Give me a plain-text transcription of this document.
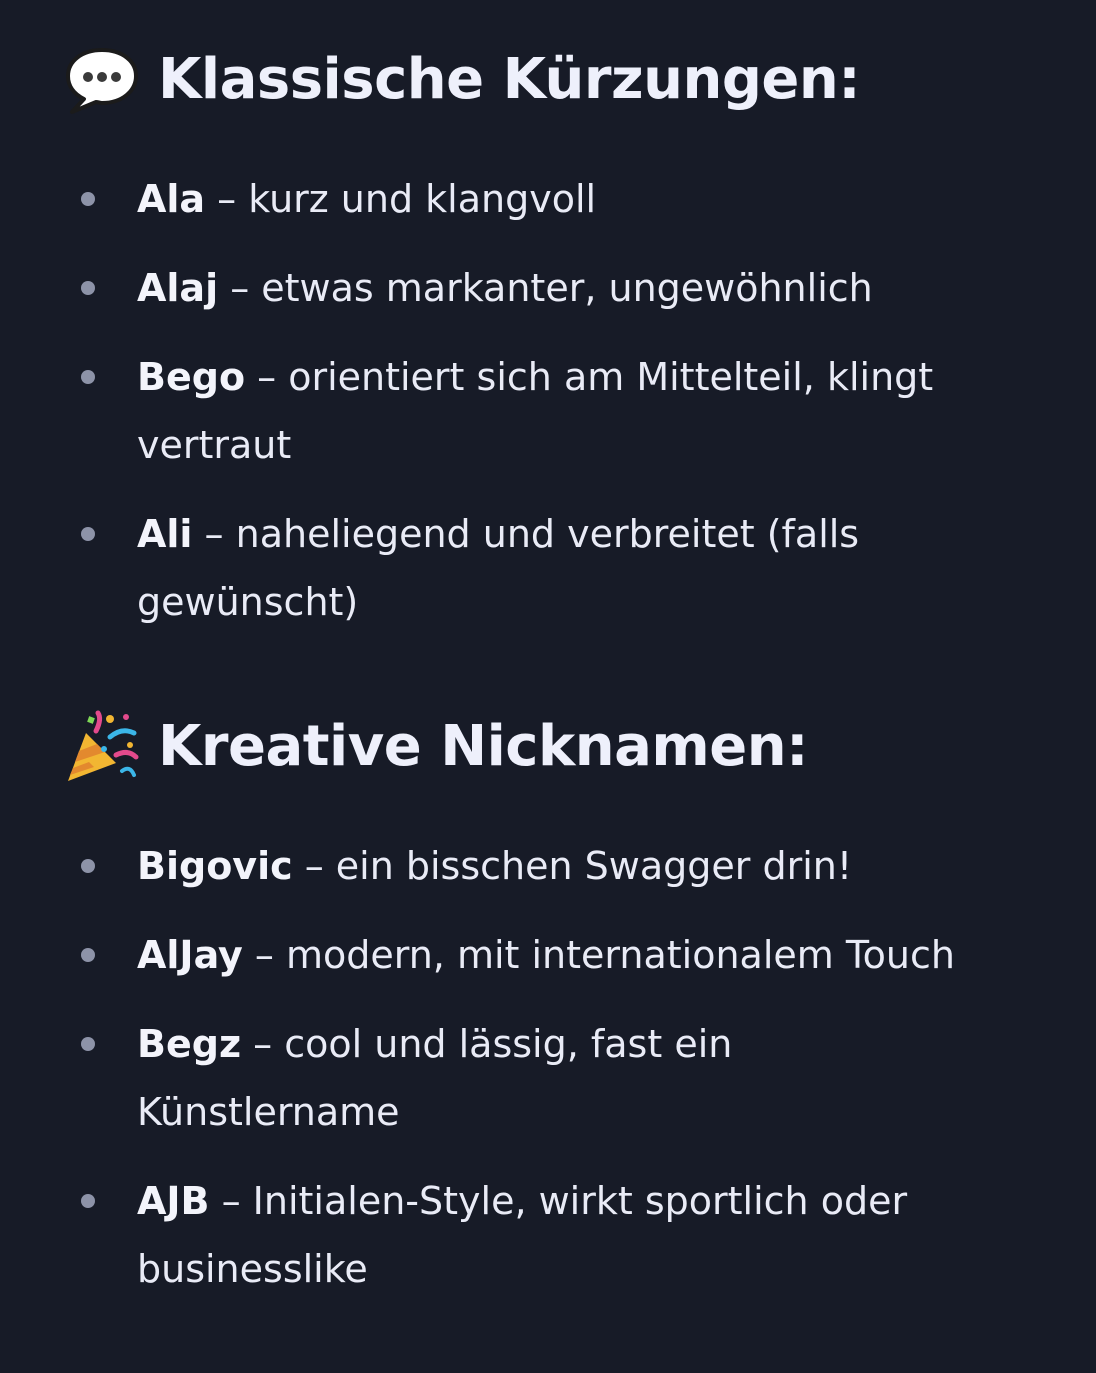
Klassische Kürzungen:
Ala – kurz und klangvoll
Alaj – etwas markanter, ungewöhnlich
Bego – orientiert sich am Mittelteil, klingt vertraut
Ali – naheliegend und verbreitet (falls gewünscht)
Kreative Nicknamen:
Bigovic – ein bisschen Swagger drin!
AlJay – modern, mit internationalem Touch
Begz – cool und lässig, fast ein Künstlername
AJB – Initialen-Style, wirkt sportlich oder businesslike
